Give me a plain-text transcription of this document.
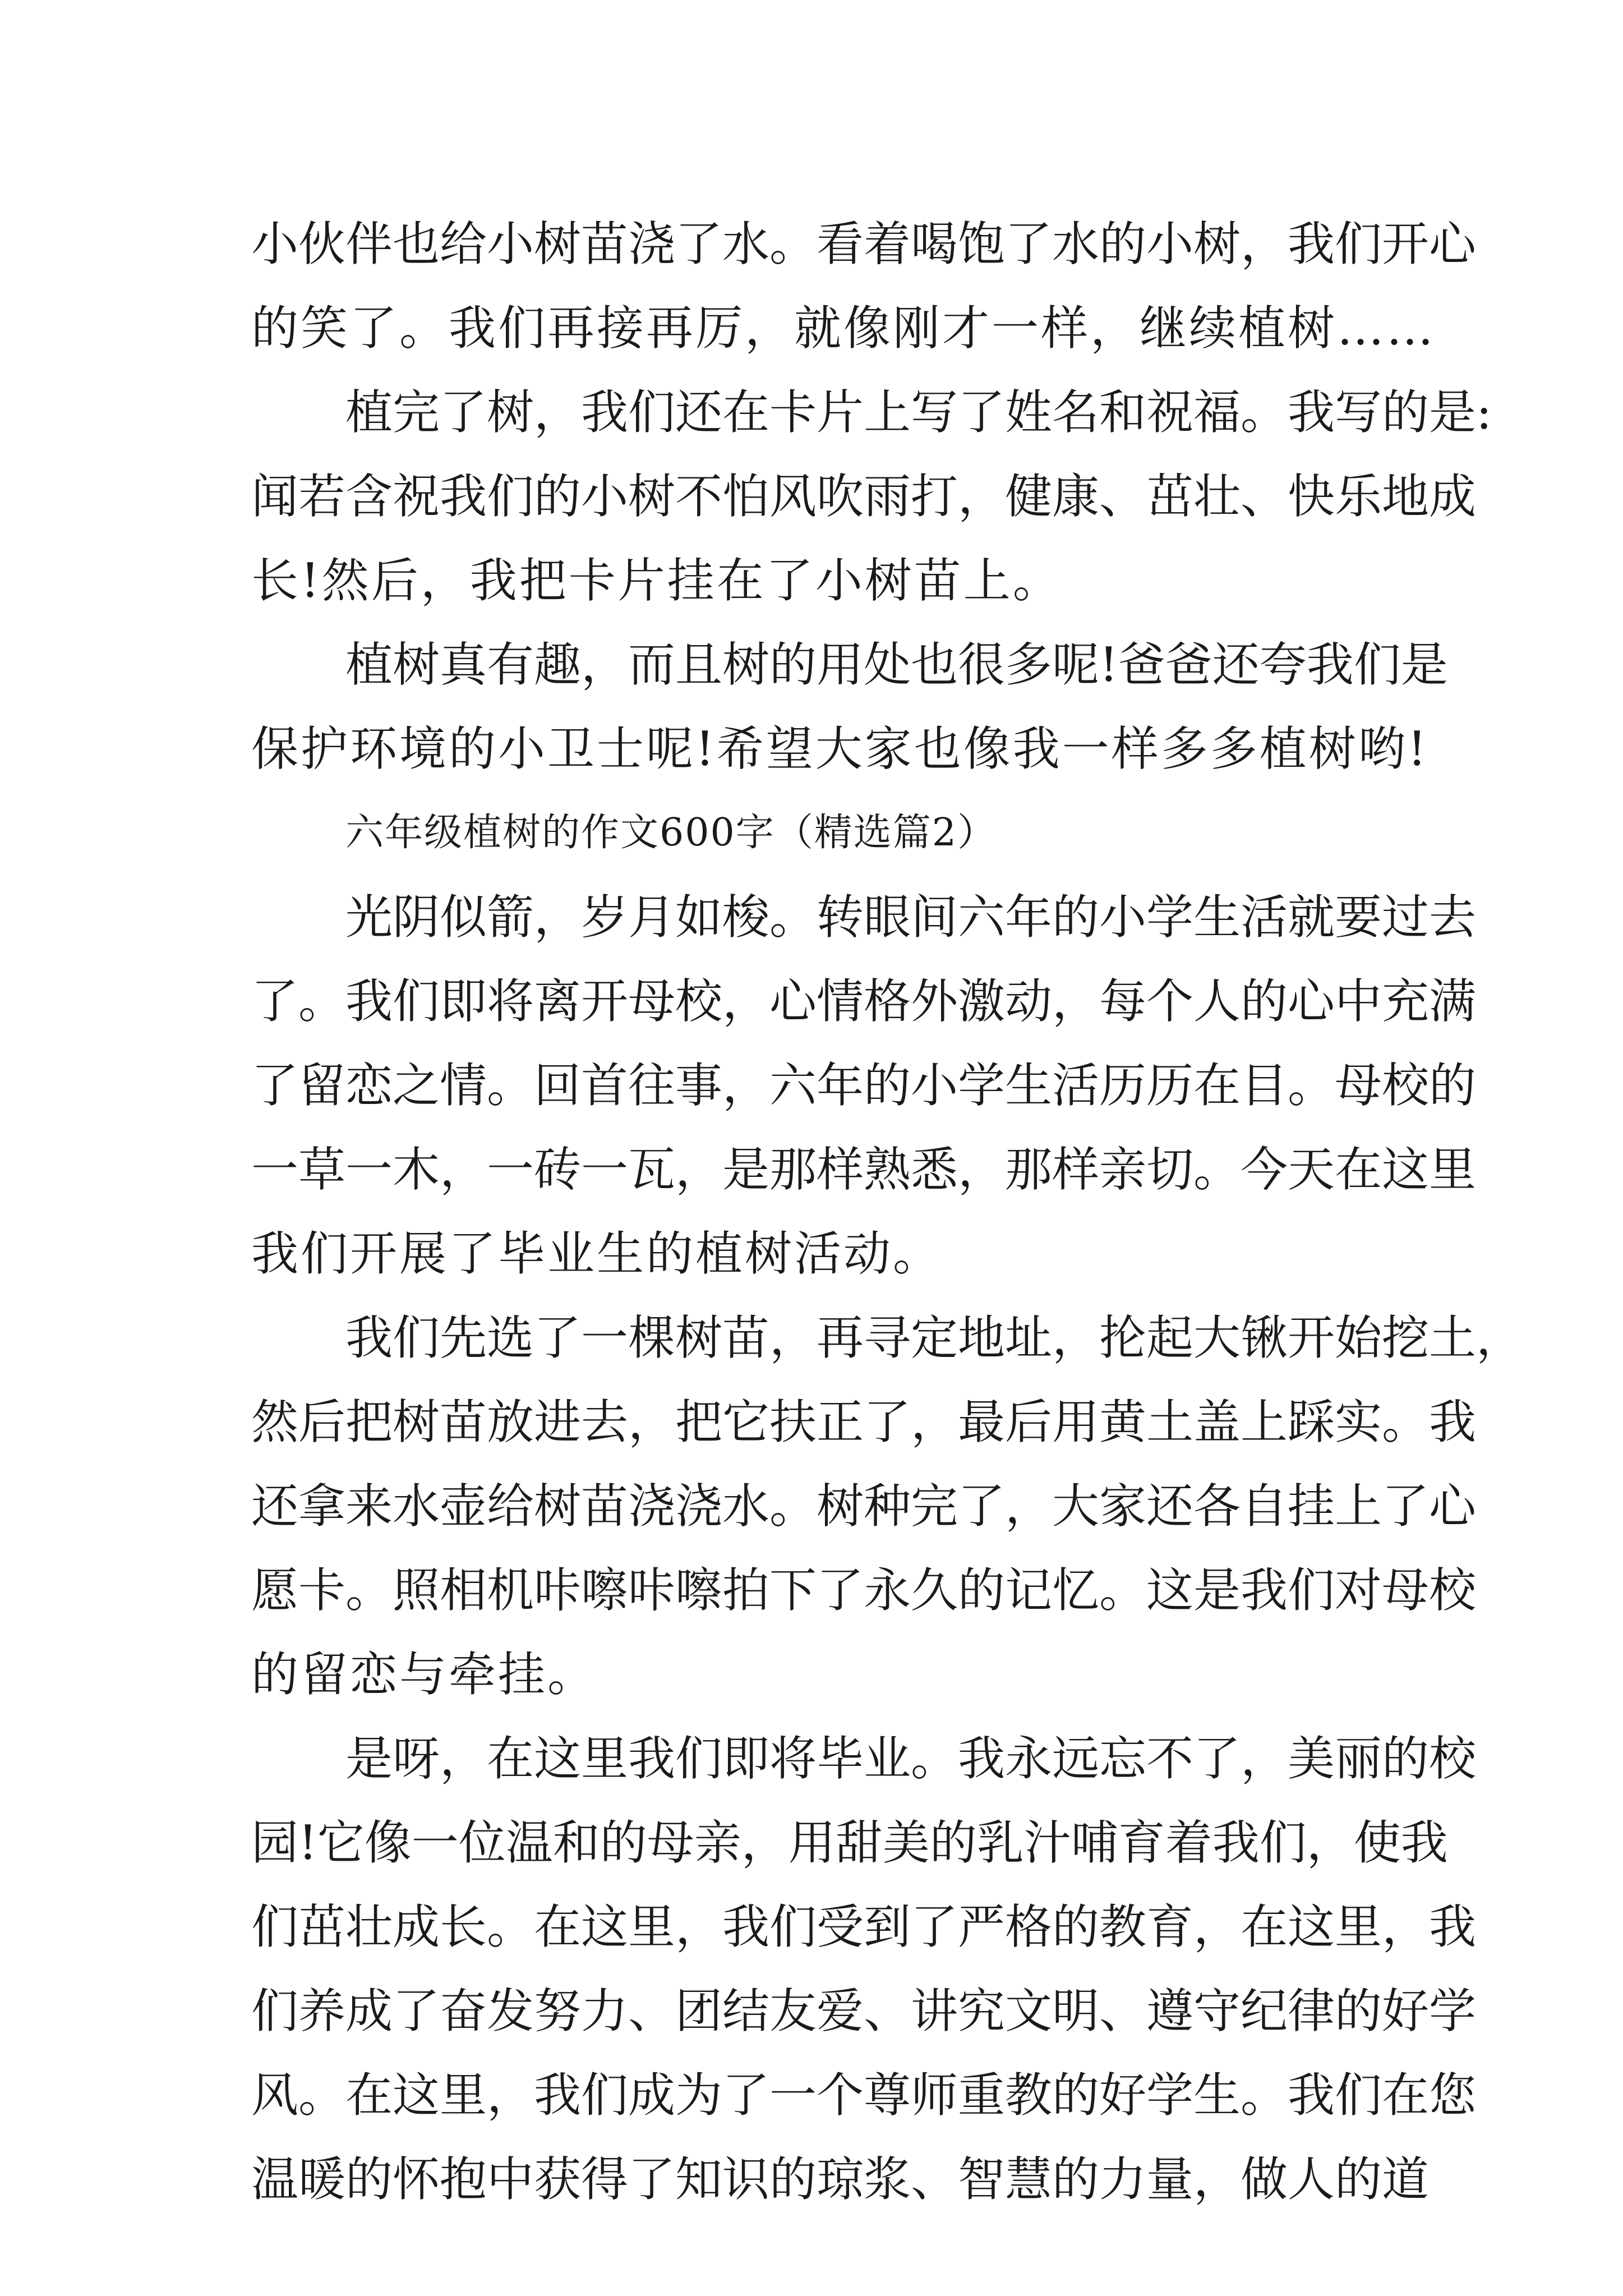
小伙伴也给小树苗浇了水。看着喝饱了水的小树，我们开心
的笑了。我们再接再厉，就像刚才一样，继续植树……
植完了树，我们还在卡片上写了姓名和祝福。我写的是:
闻若含祝我们的小树不怕风吹雨打，健康、茁壮、快乐地成
长!然后，我把卡片挂在了小树苗上。
植树真有趣，而且树的用处也很多呢!爸爸还夸我们是
保护环境的小卫士呢!希望大家也像我一样多多植树哟!
六年级植树的作文600字（精选篇2）
光阴似箭，岁月如梭。转眼间六年的小学生活就要过去
了。我们即将离开母校，心情格外激动，每个人的心中充满
了留恋之情。回首往事，六年的小学生活历历在目。母校的
一草一木，一砖一瓦，是那样熟悉，那样亲切。今天在这里
我们开展了毕业生的植树活动。
我们先选了一棵树苗，再寻定地址，抡起大锹开始挖土，
然后把树苗放进去，把它扶正了，最后用黄土盖上踩实。我
还拿来水壶给树苗浇浇水。树种完了，大家还各自挂上了心
愿卡。照相机咔嚓咔嚓拍下了永久的记忆。这是我们对母校
的留恋与牵挂。
是呀，在这里我们即将毕业。我永远忘不了，美丽的校
园!它像一位温和的母亲，用甜美的乳汁哺育着我们，使我
们茁壮成长。在这里，我们受到了严格的教育，在这里，我
们养成了奋发努力、团结友爱、讲究文明、遵守纪律的好学
风。在这里，我们成为了一个尊师重教的好学生。我们在您
温暖的怀抱中获得了知识的琼浆、智慧的力量，做人的道
